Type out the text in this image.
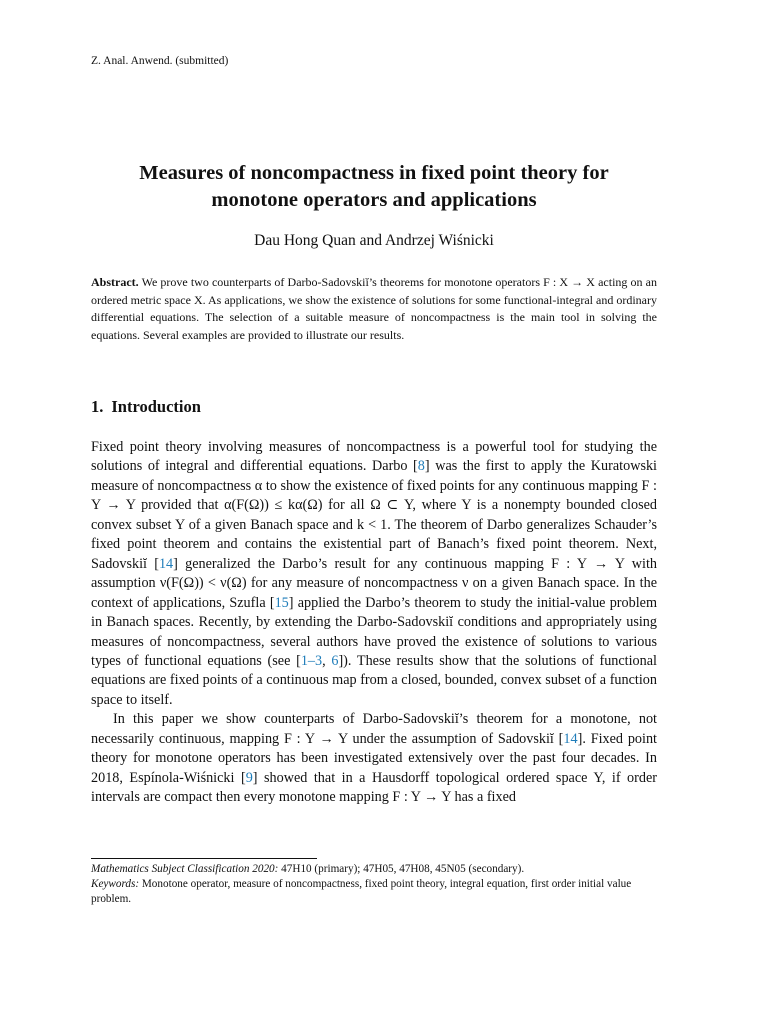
Z. Anal. Anwend. (submitted)
Measures of noncompactness in fixed point theory for
monotone operators and applications
Dau Hong Quan and Andrzej Wiśnicki
Abstract. We prove two counterparts of Darbo-Sadovskiĭ’s theorems for monotone operators F : X → X acting on an ordered metric space X. As applications, we show the existence of solutions for some functional-integral and ordinary differential equations. The selection of a suitable measure of noncompactness is the main tool in solving the equations. Several examples are provided to illustrate our results.
1. Introduction

Fixed point theory involving measures of noncompactness is a powerful tool for studying the solutions of integral and differential equations. Darbo [8] was the first to apply the Kuratowski measure of noncompactness α to show the existence of fixed points for any continuous mapping F : Y → Y provided that α(F(Ω)) ≤ kα(Ω) for all Ω ⊂ Y, where Y is a nonempty bounded closed convex subset Y of a given Banach space and k < 1. The theorem of Darbo generalizes Schauder’s fixed point theorem and contains the existential part of Banach’s fixed point theorem. Next, Sadovskiĭ [14] generalized the Darbo’s result for any continuous mapping F : Y → Y with assumption ν(F(Ω)) < ν(Ω) for any measure of noncompactness ν on a given Banach space. In the context of applications, Szufla [15] applied the Darbo’s theorem to study the initial-value problem in Banach spaces. Recently, by extending the Darbo-Sadovskiĭ conditions and appropriately using measures of noncompactness, several authors have proved the existence of solutions to various types of functional equations (see [1–3, 6]). These results show that the solutions of functional equations are fixed points of a continuous map from a closed, bounded, convex subset of a function space to itself.

In this paper we show counterparts of Darbo-Sadovskiĭ’s theorem for a monotone, not necessarily continuous, mapping F : Y → Y under the assumption of Sadovskiĭ [14]. Fixed point theory for monotone operators has been investigated extensively over the past four decades. In 2018, Espínola-Wiśnicki [9] showed that in a Hausdorff topological ordered space Y, if order intervals are compact then every monotone mapping F : Y → Y has a fixed

Mathematics Subject Classification 2020: 47H10 (primary); 47H05, 47H08, 45N05 (secondary).

Keywords: Monotone operator, measure of noncompactness, fixed point theory, integral equation, first order initial value problem.
